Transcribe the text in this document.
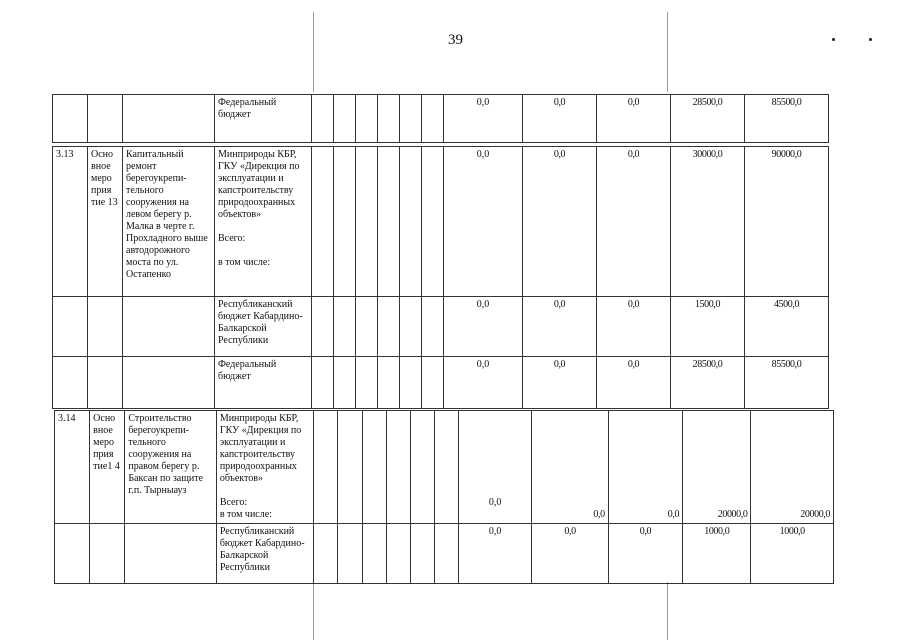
39
			Федеральный бюджет							0,0	0,0	0,0	28500,0	85500,0
3.13	Осно вное меро прия тие 13	Капитальный ремонт берегоукрепи- тельного сооружения на левом берегу р. Малка в черте г. Прохладного выше автодорожного моста по ул. Остапенко	Минприроды КБР, ГКУ «Дирекция по эксплуатации и капстроительству природоохранных объектов»
Всего:
в том числе:							0,0	0,0	0,0	30000,0	90000,0
			Республиканский бюджет Кабардино- Балкарской Республики							0,0	0,0	0,0	1500,0	4500,0
			Федеральный бюджет							0,0	0,0	0,0	28500,0	85500,0
3.14	Осно вное меро прия тие1 4	Строительство берегоукрепи- тельного сооружения на правом берегу р. Баксан по защите г.п. Тырныауз	Минприроды КБР, ГКУ «Дирекция по эксплуатации и капстроительству природоохранных объектов»
Всего:
в том числе:							0,0	0,0	0,0	20000,0	20000,0
			Республиканский бюджет Кабардино- Балкарской Республики							0,0	0,0	0,0	1000,0	1000,0
